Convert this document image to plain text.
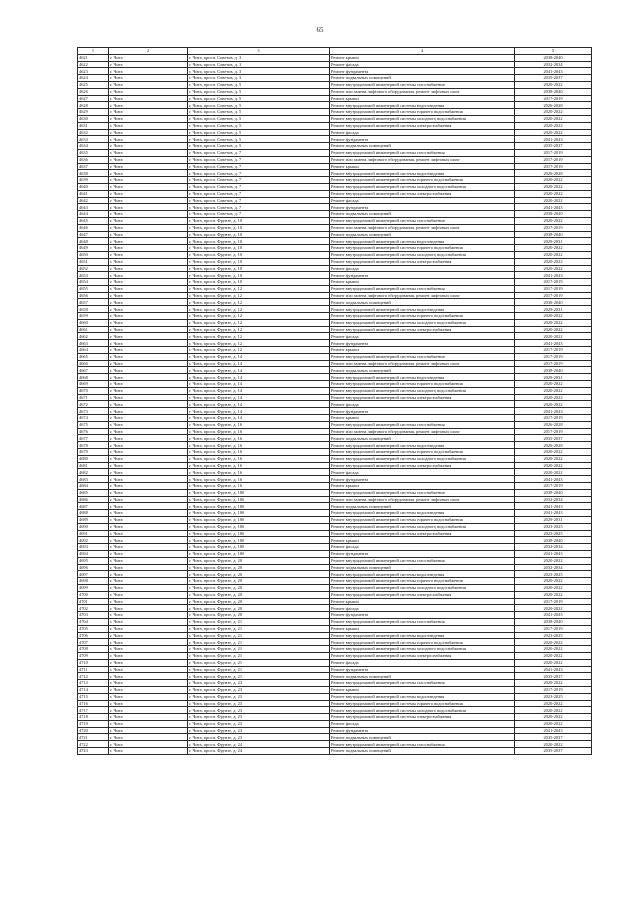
65
1	2	3	4	5
4621	г. Чита	г. Чита, просп. Советов, д. 3	Ремонт крыши	2038-2040
4622	г. Чита	г. Чита, просп. Советов, д. 3	Ремонт фасада	2032-2034
4623	г. Чита	г. Чита, просп. Советов, д. 3	Ремонт фундамента	2041-2043
4624	г. Чита	г. Чита, просп. Советов, д. 3	Ремонт подвальных помещений	2035-2037
4625	г. Чита	г. Чита, просп. Советов, д. 5	Ремонт внутридомовой инженерной системы газоснабжения	2020-2022
4626	г. Чита	г. Чита, просп. Советов, д. 5	Ремонт или замена лифтового оборудования, ремонт лифтовых шахт	2038-2040
4627	г. Чита	г. Чита, просп. Советов, д. 5	Ремонт крыши	2017-2019
4628	г. Чита	г. Чита, просп. Советов, д. 5	Ремонт внутридомовой инженерной системы водоотведения	2026-2028
4629	г. Чита	г. Чита, просп. Советов, д. 5	Ремонт внутридомовой инженерной системы горячего водоснабжения	2020-2022
4630	г. Чита	г. Чита, просп. Советов, д. 5	Ремонт внутридомовой инженерной системы холодного водоснабжения	2020-2022
4631	г. Чита	г. Чита, просп. Советов, д. 5	Ремонт внутридомовой инженерной системы электроснабжения	2020-2022
4632	г. Чита	г. Чита, просп. Советов, д. 5	Ремонт фасада	2020-2022
4633	г. Чита	г. Чита, просп. Советов, д. 5	Ремонт фундамента	2041-2043
4634	г. Чита	г. Чита, просп. Советов, д. 5	Ремонт подвальных помещений	2035-2037
4635	г. Чита	г. Чита, просп. Советов, д. 7	Ремонт внутридомовой инженерной системы газоснабжения	2017-2019
4636	г. Чита	г. Чита, просп. Советов, д. 7	Ремонт или замена лифтового оборудования, ремонт лифтовых шахт	2017-2019
4637	г. Чита	г. Чита, просп. Советов, д. 7	Ремонт крыши	2017-2019
4638	г. Чита	г. Чита, просп. Советов, д. 7	Ремонт внутридомовой инженерной системы водоотведения	2026-2028
4639	г. Чита	г. Чита, просп. Советов, д. 7	Ремонт внутридомовой инженерной системы горячего водоснабжения	2020-2022
4640	г. Чита	г. Чита, просп. Советов, д. 7	Ремонт внутридомовой инженерной системы холодного водоснабжения	2020-2022
4641	г. Чита	г. Чита, просп. Советов, д. 7	Ремонт внутридомовой инженерной системы электроснабжения	2020-2022
4642	г. Чита	г. Чита, просп. Советов, д. 7	Ремонт фасада	2020-2022
4643	г. Чита	г. Чита, просп. Советов, д. 7	Ремонт фундамента	2041-2043
4644	г. Чита	г. Чита, просп. Советов, д. 7	Ремонт подвальных помещений	2038-2040
4645	г. Чита	г. Чита, просп. Фрунзе, д. 10	Ремонт внутридомовой инженерной системы газоснабжения	2020-2022
4646	г. Чита	г. Чита, просп. Фрунзе, д. 10	Ремонт или замена лифтового оборудования, ремонт лифтовых шахт	2017-2019
4647	г. Чита	г. Чита, просп. Фрунзе, д. 10	Ремонт подвальных помещений	2038-2040
4648	г. Чита	г. Чита, просп. Фрунзе, д. 10	Ремонт внутридомовой инженерной системы водоотведения	2029-2031
4649	г. Чита	г. Чита, просп. Фрунзе, д. 10	Ремонт внутридомовой инженерной системы горячего водоснабжения	2020-2022
4650	г. Чита	г. Чита, просп. Фрунзе, д. 10	Ремонт внутридомовой инженерной системы холодного водоснабжения	2020-2022
4651	г. Чита	г. Чита, просп. Фрунзе, д. 10	Ремонт внутридомовой инженерной системы электроснабжения	2020-2022
4652	г. Чита	г. Чита, просп. Фрунзе, д. 10	Ремонт фасада	2020-2022
4653	г. Чита	г. Чита, просп. Фрунзе, д. 10	Ремонт фундамента	2041-2043
4654	г. Чита	г. Чита, просп. Фрунзе, д. 10	Ремонт крыши	2017-2019
4655	г. Чита	г. Чита, просп. Фрунзе, д. 12	Ремонт внутридомовой инженерной системы газоснабжения	2017-2019
4656	г. Чита	г. Чита, просп. Фрунзе, д. 12	Ремонт или замена лифтового оборудования, ремонт лифтовых шахт	2017-2019
4657	г. Чита	г. Чита, просп. Фрунзе, д. 12	Ремонт подвальных помещений	2038-2040
4658	г. Чита	г. Чита, просп. Фрунзе, д. 12	Ремонт внутридомовой инженерной системы водоотведения	2029-2031
4659	г. Чита	г. Чита, просп. Фрунзе, д. 12	Ремонт внутридомовой инженерной системы горячего водоснабжения	2020-2022
4660	г. Чита	г. Чита, просп. Фрунзе, д. 12	Ремонт внутридомовой инженерной системы холодного водоснабжения	2020-2022
4661	г. Чита	г. Чита, просп. Фрунзе, д. 12	Ремонт внутридомовой инженерной системы электроснабжения	2020-2022
4662	г. Чита	г. Чита, просп. Фрунзе, д. 12	Ремонт фасада	2020-2022
4663	г. Чита	г. Чита, просп. Фрунзе, д. 12	Ремонт фундамента	2041-2043
4664	г. Чита	г. Чита, просп. Фрунзе, д. 12	Ремонт крыши	2017-2019
4665	г. Чита	г. Чита, просп. Фрунзе, д. 14	Ремонт внутридомовой инженерной системы газоснабжения	2017-2019
4666	г. Чита	г. Чита, просп. Фрунзе, д. 14	Ремонт или замена лифтового оборудования, ремонт лифтовых шахт	2017-2019
4667	г. Чита	г. Чита, просп. Фрунзе, д. 14	Ремонт подвальных помещений	2038-2040
4668	г. Чита	г. Чита, просп. Фрунзе, д. 14	Ремонт внутридомовой инженерной системы водоотведения	2029-2031
4669	г. Чита	г. Чита, просп. Фрунзе, д. 14	Ремонт внутридомовой инженерной системы горячего водоснабжения	2020-2022
4670	г. Чита	г. Чита, просп. Фрунзе, д. 14	Ремонт внутридомовой инженерной системы холодного водоснабжения	2020-2022
4671	г. Чита	г. Чита, просп. Фрунзе, д. 14	Ремонт внутридомовой инженерной системы электроснабжения	2020-2022
4672	г. Чита	г. Чита, просп. Фрунзе, д. 14	Ремонт фасада	2020-2022
4673	г. Чита	г. Чита, просп. Фрунзе, д. 14	Ремонт фундамента	2041-2043
4674	г. Чита	г. Чита, просп. Фрунзе, д. 14	Ремонт крыши	2017-2019
4675	г. Чита	г. Чита, просп. Фрунзе, д. 16	Ремонт внутридомовой инженерной системы газоснабжения	2026-2028
4676	г. Чита	г. Чита, просп. Фрунзе, д. 16	Ремонт или замена лифтового оборудования, ремонт лифтовых шахт	2017-2019
4677	г. Чита	г. Чита, просп. Фрунзе, д. 16	Ремонт подвальных помещений	2035-2037
4678	г. Чита	г. Чита, просп. Фрунзе, д. 16	Ремонт внутридомовой инженерной системы водоотведения	2026-2028
4679	г. Чита	г. Чита, просп. Фрунзе, д. 16	Ремонт внутридомовой инженерной системы горячего водоснабжения	2020-2022
4680	г. Чита	г. Чита, просп. Фрунзе, д. 16	Ремонт внутридомовой инженерной системы холодного водоснабжения	2020-2022
4681	г. Чита	г. Чита, просп. Фрунзе, д. 16	Ремонт внутридомовой инженерной системы электроснабжения	2020-2022
4682	г. Чита	г. Чита, просп. Фрунзе, д. 16	Ремонт фасада	2020-2022
4683	г. Чита	г. Чита, просп. Фрунзе, д. 16	Ремонт фундамента	2041-2043
4684	г. Чита	г. Чита, просп. Фрунзе, д. 16	Ремонт крыши	2017-2019
4685	г. Чита	г. Чита, просп. Фрунзе, д. 18б	Ремонт внутридомовой инженерной системы газоснабжения	2038-2040
4686	г. Чита	г. Чита, просп. Фрунзе, д. 18б	Ремонт или замена лифтового оборудования, ремонт лифтовых шахт	2032-2034
4687	г. Чита	г. Чита, просп. Фрунзе, д. 18б	Ремонт подвальных помещений	2041-2043
4688	г. Чита	г. Чита, просп. Фрунзе, д. 18б	Ремонт внутридомовой инженерной системы водоотведения	2041-2043
4689	г. Чита	г. Чита, просп. Фрунзе, д. 18б	Ремонт внутридомовой инженерной системы горячего водоснабжения	2029-2031
4690	г. Чита	г. Чита, просп. Фрунзе, д. 18б	Ремонт внутридомовой инженерной системы холодного водоснабжения	2023-2025
4691	г. Чита	г. Чита, просп. Фрунзе, д. 18б	Ремонт внутридомовой инженерной системы электроснабжения	2023-2025
4692	г. Чита	г. Чита, просп. Фрунзе, д. 18б	Ремонт крыши	2038-2040
4693	г. Чита	г. Чита, просп. Фрунзе, д. 18б	Ремонт фасада	2032-2034
4694	г. Чита	г. Чита, просп. Фрунзе, д. 18б	Ремонт фундамента	2041-2043
4695	г. Чита	г. Чита, просп. Фрунзе, д. 20	Ремонт внутридомовой инженерной системы газоснабжения	2020-2022
4696	г. Чита	г. Чита, просп. Фрунзе, д. 20	Ремонт подвальных помещений	2032-2034
4697	г. Чита	г. Чита, просп. Фрунзе, д. 20	Ремонт внутридомовой инженерной системы водоотведения	2023-2025
4698	г. Чита	г. Чита, просп. Фрунзе, д. 20	Ремонт внутридомовой инженерной системы горячего водоснабжения	2020-2022
4699	г. Чита	г. Чита, просп. Фрунзе, д. 20	Ремонт внутридомовой инженерной системы холодного водоснабжения	2020-2022
4700	г. Чита	г. Чита, просп. Фрунзе, д. 20	Ремонт внутридомовой инженерной системы электроснабжения	2020-2022
4701	г. Чита	г. Чита, просп. Фрунзе, д. 20	Ремонт крыши	2017-2019
4702	г. Чита	г. Чита, просп. Фрунзе, д. 20	Ремонт фасада	2020-2022
4703	г. Чита	г. Чита, просп. Фрунзе, д. 20	Ремонт фундамента	2041-2043
4704	г. Чита	г. Чита, просп. Фрунзе, д. 21	Ремонт внутридомовой инженерной системы газоснабжения	2038-2040
4705	г. Чита	г. Чита, просп. Фрунзе, д. 21	Ремонт крыши	2017-2019
4706	г. Чита	г. Чита, просп. Фрунзе, д. 21	Ремонт внутридомовой инженерной системы водоотведения	2023-2025
4707	г. Чита	г. Чита, просп. Фрунзе, д. 21	Ремонт внутридомовой инженерной системы горячего водоснабжения	2020-2022
4708	г. Чита	г. Чита, просп. Фрунзе, д. 21	Ремонт внутридомовой инженерной системы холодного водоснабжения	2020-2022
4709	г. Чита	г. Чита, просп. Фрунзе, д. 21	Ремонт внутридомовой инженерной системы электроснабжения	2020-2022
4710	г. Чита	г. Чита, просп. Фрунзе, д. 21	Ремонт фасада	2020-2022
4711	г. Чита	г. Чита, просп. Фрунзе, д. 21	Ремонт фундамента	2041-2043
4712	г. Чита	г. Чита, просп. Фрунзе, д. 21	Ремонт подвальных помещений	2035-2037
4713	г. Чита	г. Чита, просп. Фрунзе, д. 23	Ремонт внутридомовой инженерной системы газоснабжения	2020-2022
4714	г. Чита	г. Чита, просп. Фрунзе, д. 23	Ремонт крыши	2017-2019
4715	г. Чита	г. Чита, просп. Фрунзе, д. 23	Ремонт внутридомовой инженерной системы водоотведения	2023-2025
4716	г. Чита	г. Чита, просп. Фрунзе, д. 23	Ремонт внутридомовой инженерной системы горячего водоснабжения	2020-2022
4717	г. Чита	г. Чита, просп. Фрунзе, д. 23	Ремонт внутридомовой инженерной системы холодного водоснабжения	2020-2022
4718	г. Чита	г. Чита, просп. Фрунзе, д. 23	Ремонт внутридомовой инженерной системы электроснабжения	2020-2022
4719	г. Чита	г. Чита, просп. Фрунзе, д. 23	Ремонт фасада	2020-2022
4720	г. Чита	г. Чита, просп. Фрунзе, д. 23	Ремонт фундамента	2041-2043
4721	г. Чита	г. Чита, просп. Фрунзе, д. 23	Ремонт подвальных помещений	2035-2037
4722	г. Чита	г. Чита, просп. Фрунзе, д. 24	Ремонт внутридомовой инженерной системы газоснабжения	2020-2022
4723	г. Чита	г. Чита, просп. Фрунзе, д. 24	Ремонт подвальных помещений	2035-2037
